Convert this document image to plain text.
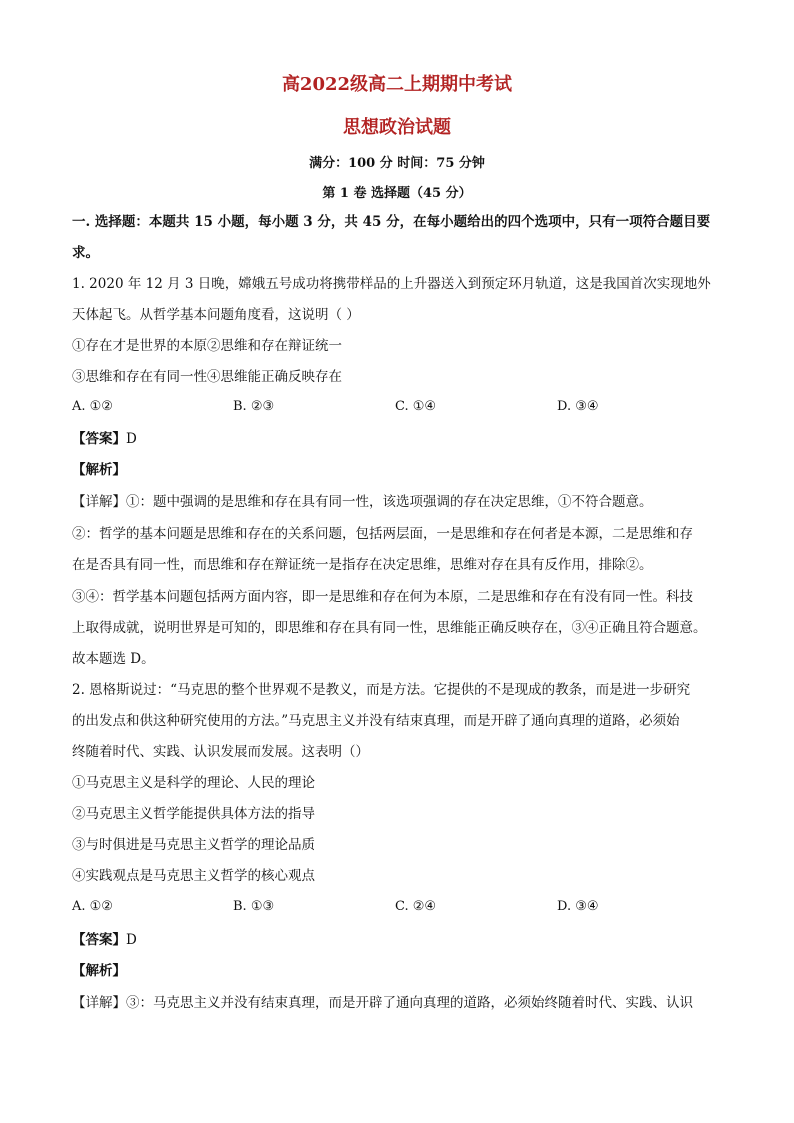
高2022级高二上期期中考试
思想政治试题
满分：100 分 时间：75 分钟
第 1 卷 选择题（45 分）
一. 选择题：本题共 15 小题，每小题 3 分，共 45 分，在每小题给出的四个选项中，只有一项符合题目要
求。
1. 2020 年 12 月 3 日晚，嫦娥五号成功将携带样品的上升器送入到预定环月轨道，这是我国首次实现地外
天体起飞。从哲学基本问题角度看，这说明（ ）
①存在才是世界的本原②思维和存在辩证统一
③思维和存在有同一性④思维能正确反映存在
A. ①②	B. ②③	C. ①④	D. ③④
【答案】D
【解析】
【详解】①：题中强调的是思维和存在具有同一性，该选项强调的存在决定思维，①不符合题意。
②：哲学的基本问题是思维和存在的关系问题，包括两层面，一是思维和存在何者是本源，二是思维和存
在是否具有同一性，而思维和存在辩证统一是指存在决定思维，思维对存在具有反作用，排除②。
③④：哲学基本问题包括两方面内容，即一是思维和存在何为本原，二是思维和存在有没有同一性。科技
上取得成就，说明世界是可知的，即思维和存在具有同一性，思维能正确反映存在，③④正确且符合题意。
故本题选 D。
2. 恩格斯说过：“马克思的整个世界观不是教义，而是方法。它提供的不是现成的教条，而是进一步研究
的出发点和供这种研究使用的方法。”马克思主义并没有结束真理，而是开辟了通向真理的道路，必须始
终随着时代、实践、认识发展而发展。这表明（）
①马克思主义是科学的理论、人民的理论
②马克思主义哲学能提供具体方法的指导
③与时俱进是马克思主义哲学的理论品质
④实践观点是马克思主义哲学的核心观点
A. ①②	B. ①③	C. ②④	D. ③④
【答案】D
【解析】
【详解】③：马克思主义并没有结束真理，而是开辟了通向真理的道路，必须始终随着时代、实践、认识
